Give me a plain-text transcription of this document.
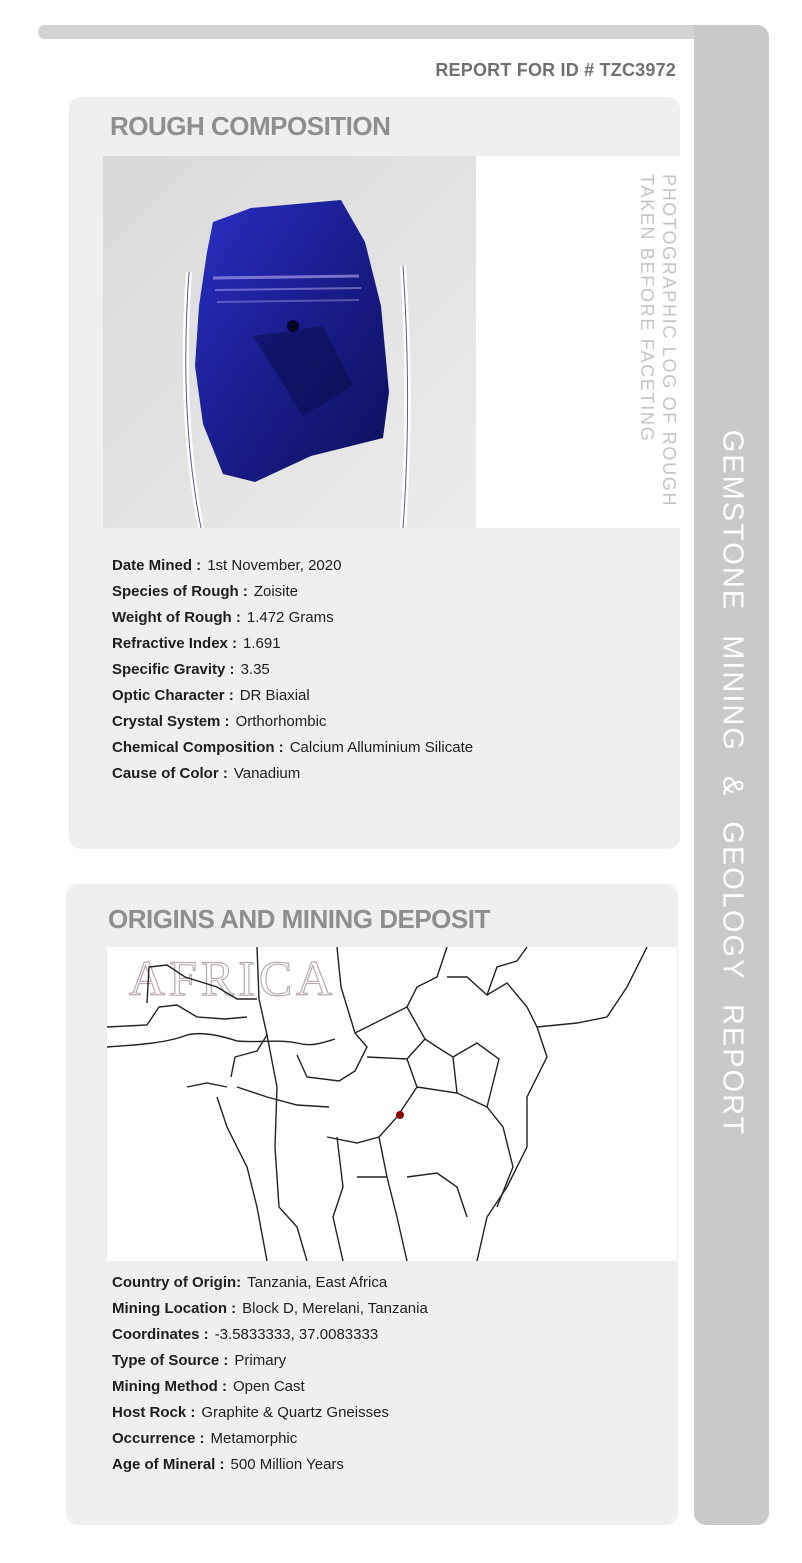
GEMSTONE MINING & GEOLOGY REPORT
REPORT FOR ID # TZC3972
ROUGH COMPOSITION
PHOTOGRAPHIC LOG OF ROUGH
TAKEN BEFORE FACETING
Date Mined : 1st November, 2020
Species of Rough : Zoisite
Weight of Rough : 1.472 Grams
Refractive Index : 1.691
Specific Gravity : 3.35
Optic Character : DR Biaxial
Crystal System : Orthorhombic
Chemical Composition : Calcium Alluminium Silicate
Cause of Color : Vanadium
ORIGINS AND MINING DEPOSIT
AFRICA
Country of Origin: Tanzania, East Africa
Mining Location : Block D, Merelani, Tanzania
Coordinates : -3.5833333, 37.0083333
Type of Source : Primary
Mining Method : Open Cast
Host Rock : Graphite & Quartz Gneisses
Occurrence : Metamorphic
Age of Mineral : 500 Million Years
